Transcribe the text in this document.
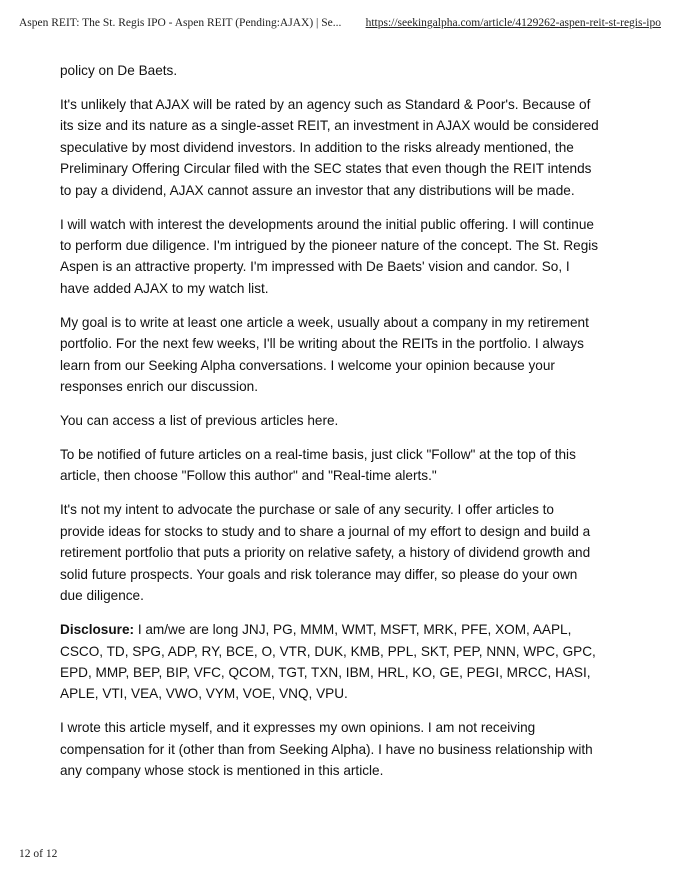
Aspen REIT: The St. Regis IPO - Aspen REIT (Pending:AJAX) | Se... https://seekingalpha.com/article/4129262-aspen-reit-st-regis-ipo

policy on De Baets.

It's unlikely that AJAX will be rated by an agency such as Standard & Poor's. Because of its size and its nature as a single-asset REIT, an investment in AJAX would be considered speculative by most dividend investors. In addition to the risks already mentioned, the Preliminary Offering Circular filed with the SEC states that even though the REIT intends to pay a dividend, AJAX cannot assure an investor that any distributions will be made.

I will watch with interest the developments around the initial public offering. I will continue to perform due diligence. I'm intrigued by the pioneer nature of the concept. The St. Regis Aspen is an attractive property. I'm impressed with De Baets' vision and candor. So, I have added AJAX to my watch list.

My goal is to write at least one article a week, usually about a company in my retirement portfolio. For the next few weeks, I'll be writing about the REITs in the portfolio. I always learn from our Seeking Alpha conversations. I welcome your opinion because your responses enrich our discussion.

You can access a list of previous articles here.

To be notified of future articles on a real-time basis, just click "Follow" at the top of this article, then choose "Follow this author" and "Real-time alerts."

It's not my intent to advocate the purchase or sale of any security. I offer articles to provide ideas for stocks to study and to share a journal of my effort to design and build a retirement portfolio that puts a priority on relative safety, a history of dividend growth and solid future prospects. Your goals and risk tolerance may differ, so please do your own due diligence.

Disclosure: I am/we are long JNJ, PG, MMM, WMT, MSFT, MRK, PFE, XOM, AAPL, CSCO, TD, SPG, ADP, RY, BCE, O, VTR, DUK, KMB, PPL, SKT, PEP, NNN, WPC, GPC, EPD, MMP, BEP, BIP, VFC, QCOM, TGT, TXN, IBM, HRL, KO, GE, PEGI, MRCC, HASI, APLE, VTI, VEA, VWO, VYM, VOE, VNQ, VPU.

I wrote this article myself, and it expresses my own opinions. I am not receiving compensation for it (other than from Seeking Alpha). I have no business relationship with any company whose stock is mentioned in this article.

12 of 12
